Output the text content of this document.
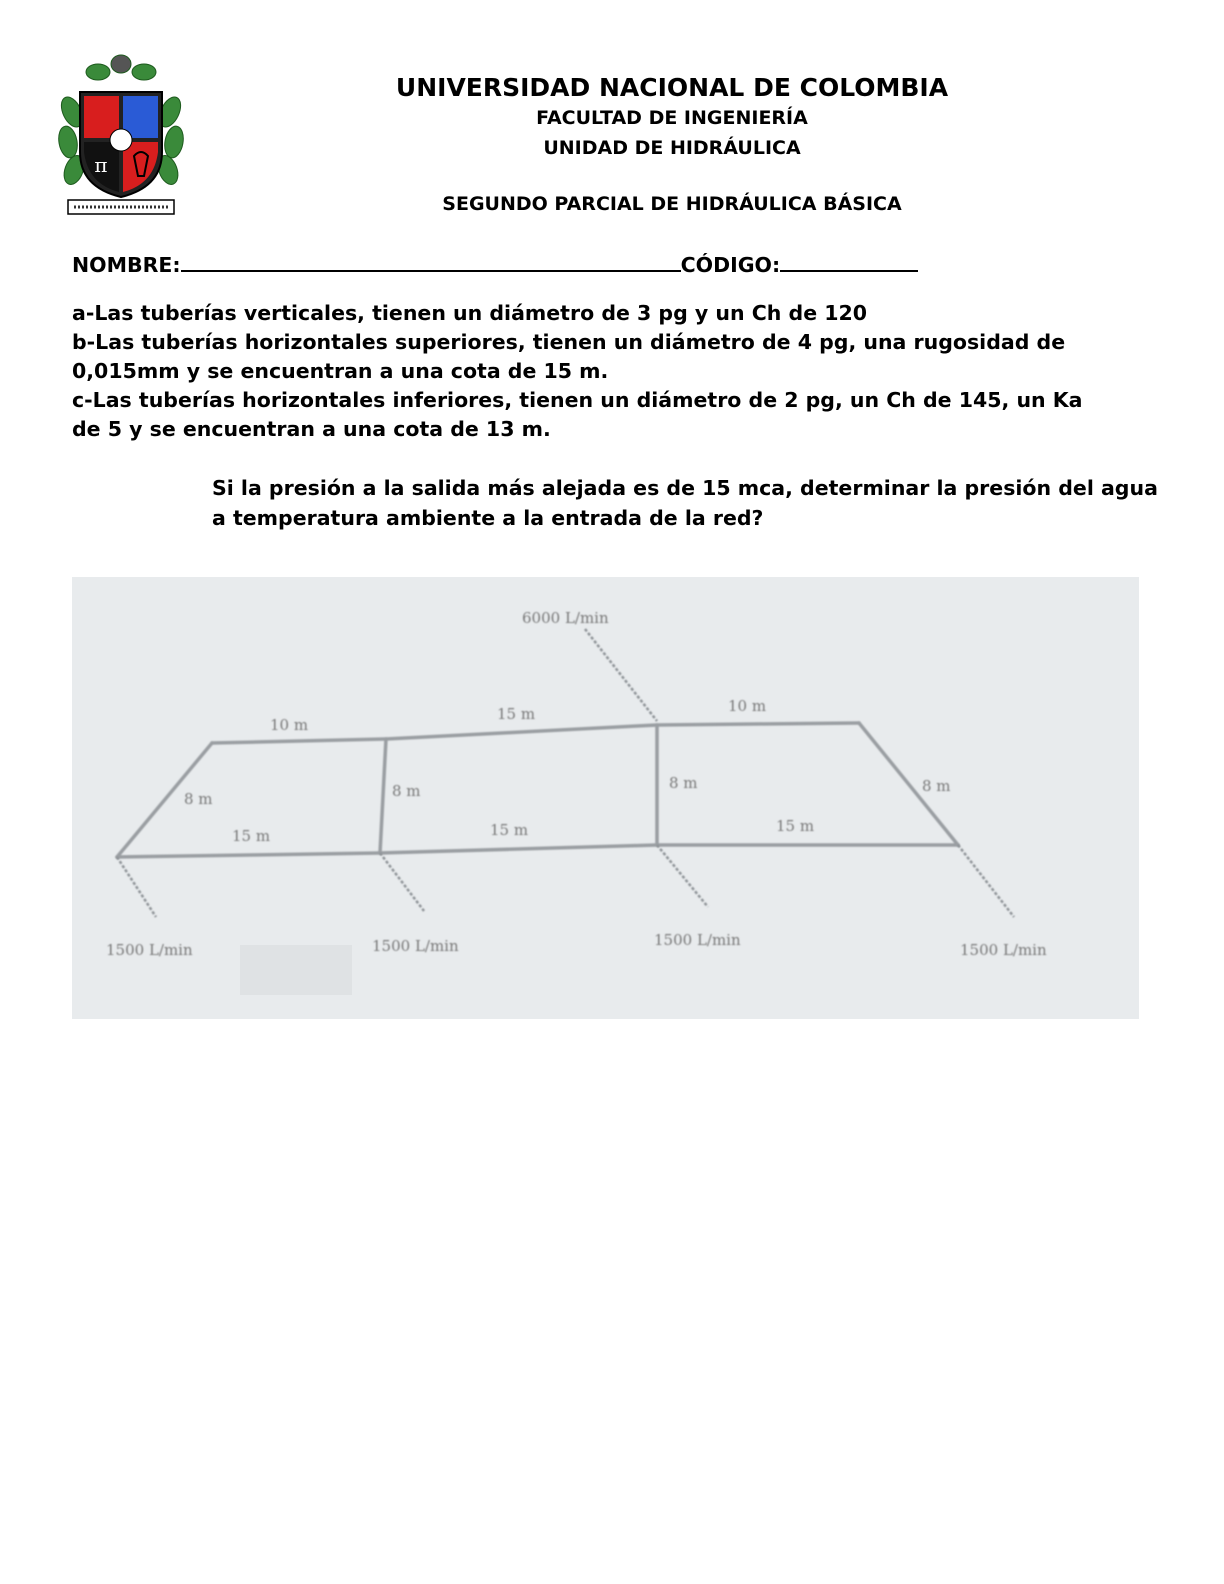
π
UNIVERSIDAD NACIONAL DE COLOMBIA
FACULTAD DE INGENIERÍA
UNIDAD DE HIDRÁULICA
SEGUNDO PARCIAL DE HIDRÁULICA BÁSICA
NOMBRE:	CÓDIGO:
a-Las tuberías verticales, tienen un diámetro de 3 pg y un Ch de 120
b-Las tuberías horizontales superiores, tienen un diámetro de 4 pg, una rugosidad de
0,015mm y se encuentran a una cota de 15 m.
c-Las tuberías horizontales inferiores, tienen un diámetro de 2 pg, un Ch de 145, un Ka
de 5 y se encuentran a una cota de 13 m.
Si la presión a la salida más alejada es de 15 mca, determinar la presión del agua a temperatura ambiente a la entrada de la red?
6000 L/min
10 m
15 m	10 m
15 m	15 m	15 m
8 m	8 m	8 m	8 m
1500 L/min	1500 L/min	1500 L/min
1500 L/min
